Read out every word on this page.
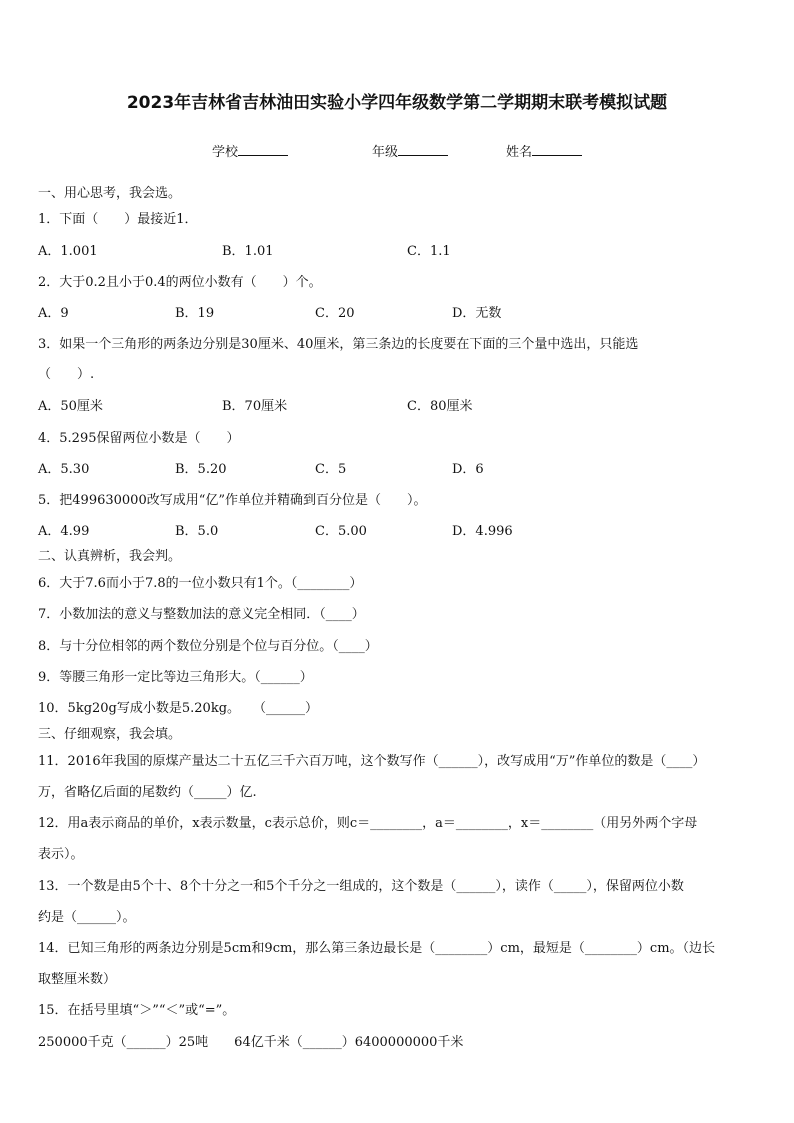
2023年吉林省吉林油田实验小学四年级数学第二学期期末联考模拟试题
学校	年级	姓名
一、用心思考，我会选。
1．下面（　　）最接近1．
A．1.001	B．1.01	C．1.1
2．大于0.2且小于0.4的两位小数有（　　）个。
A．9	B．19	C．20	D．无数
3．如果一个三角形的两条边分别是30厘米、40厘米，第三条边的长度要在下面的三个量中选出，只能选
（　　）.
A．50厘米	B．70厘米	C．80厘米
4．5.295保留两位小数是（　　）
A．5.30	B．5.20	C．5	D．6
5．把499630000改写成用“亿”作单位并精确到百分位是（　　）。
A．4.99	B．5.0	C．5.00	D．4.996
二、认真辨析，我会判。
6．大于7.6而小于7.8的一位小数只有1个。（________）
7．小数加法的意义与整数加法的意义完全相同．（____）
8．与十分位相邻的两个数位分别是个位与百分位。（____）
9．等腰三角形一定比等边三角形大。（______）
10．5kg20g写成小数是5.20kg。　　（______）
三、仔细观察，我会填。
11．2016年我国的原煤产量达二十五亿三千六百万吨，这个数写作（______），改写成用“万”作单位的数是（____）
万，省略亿后面的尾数约（_____）亿.
12．用a表示商品的单价，x表示数量，c表示总价，则c＝________，a＝________，x＝________（用另外两个字母
表示）。
13．一个数是由5个十、8个十分之一和5个千分之一组成的，这个数是（______），读作（_____），保留两位小数
约是（______）。
14．已知三角形的两条边分别是5cm和9cm，那么第三条边最长是（________）cm，最短是（________）cm。（边长
取整厘米数）
15．在括号里填“＞”“＜”或“=”。
250000千克（______）25吨　　64亿千米（______）6400000000千米
